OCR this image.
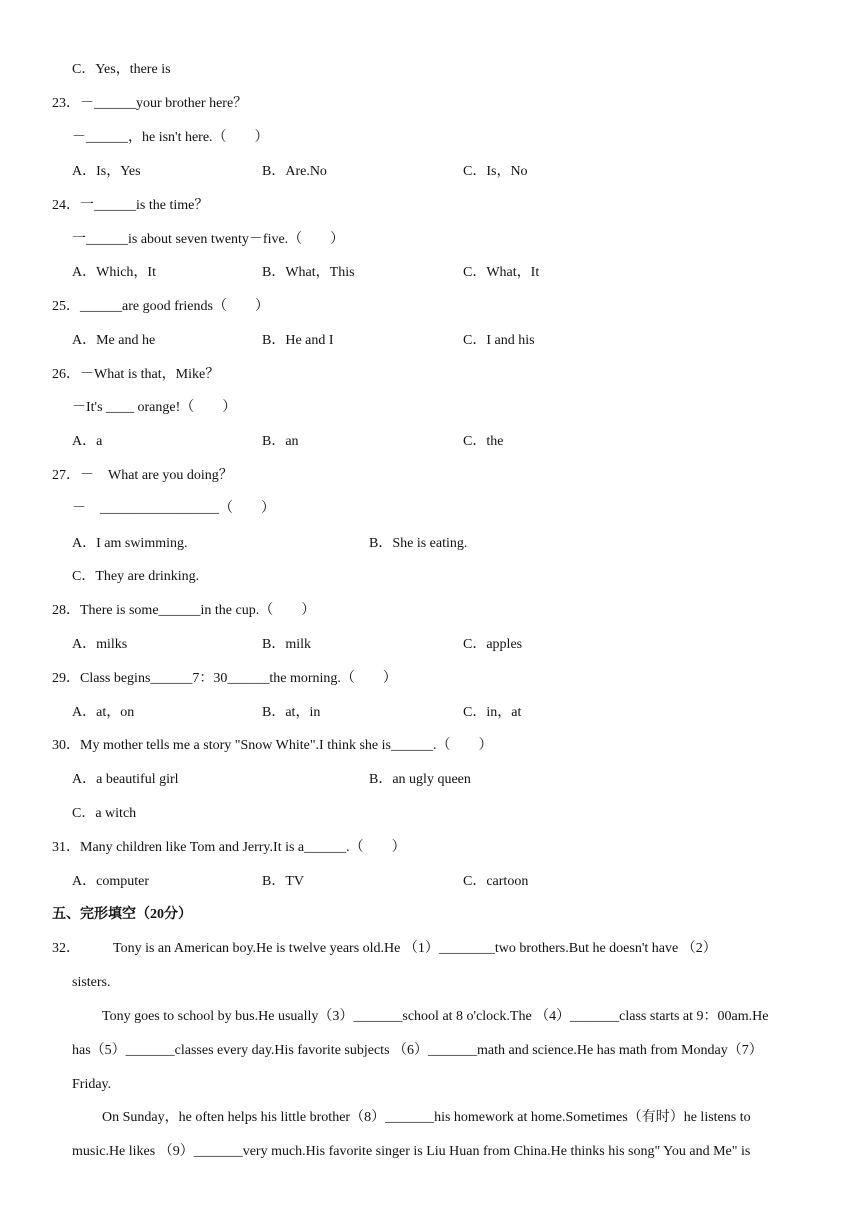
C．Yes，there is
23．－______your brother here？
－______，he isn't here.（　　）
A．Is，Yes	B．Are.No	C．Is，No
24．一______is the time？
一______is about seven twenty－five.（　　）
A．Which，It	B．What，This	C．What，It
25．______are good friends（　　）
A．Me and he	B．He and I	C．I and his
26．－What is that，Mike？
－It's ____ orange!（　　）
A．a	B．an	C．the
27．－　What are you doing？
－　_________________（　　）
A．I am swimming.	B．She is eating.
C．They are drinking.
28．There is some______in the cup.（　　）
A．milks	B．milk	C．apples
29．Class begins______7：30______the morning.（　　）
A．at，on	B．at，in	C．in，at
30．My mother tells me a story "Snow White".I think she is______.（　　）
A．a beautiful girl	B．an ugly queen
C．a witch
31．Many children like Tom and Jerry.It is a______.（　　）
A．computer	B．TV	C．cartoon
五、完形填空（20分）
32． Tony is an American boy.He is twelve years old.He （1）________two brothers.But he doesn't have （2）
sisters.
Tony goes to school by bus.He usually（3）_______school at 8 o'clock.The （4）_______class starts at 9：00am.He
has（5）_______classes every day.His favorite subjects （6）_______math and science.He has math from Monday（7）
Friday.
On Sunday，he often helps his little brother（8）_______his homework at home.Sometimes（有时）he listens to
music.He likes （9）_______very much.His favorite singer is Liu Huan from China.He thinks his song" You and Me" is
